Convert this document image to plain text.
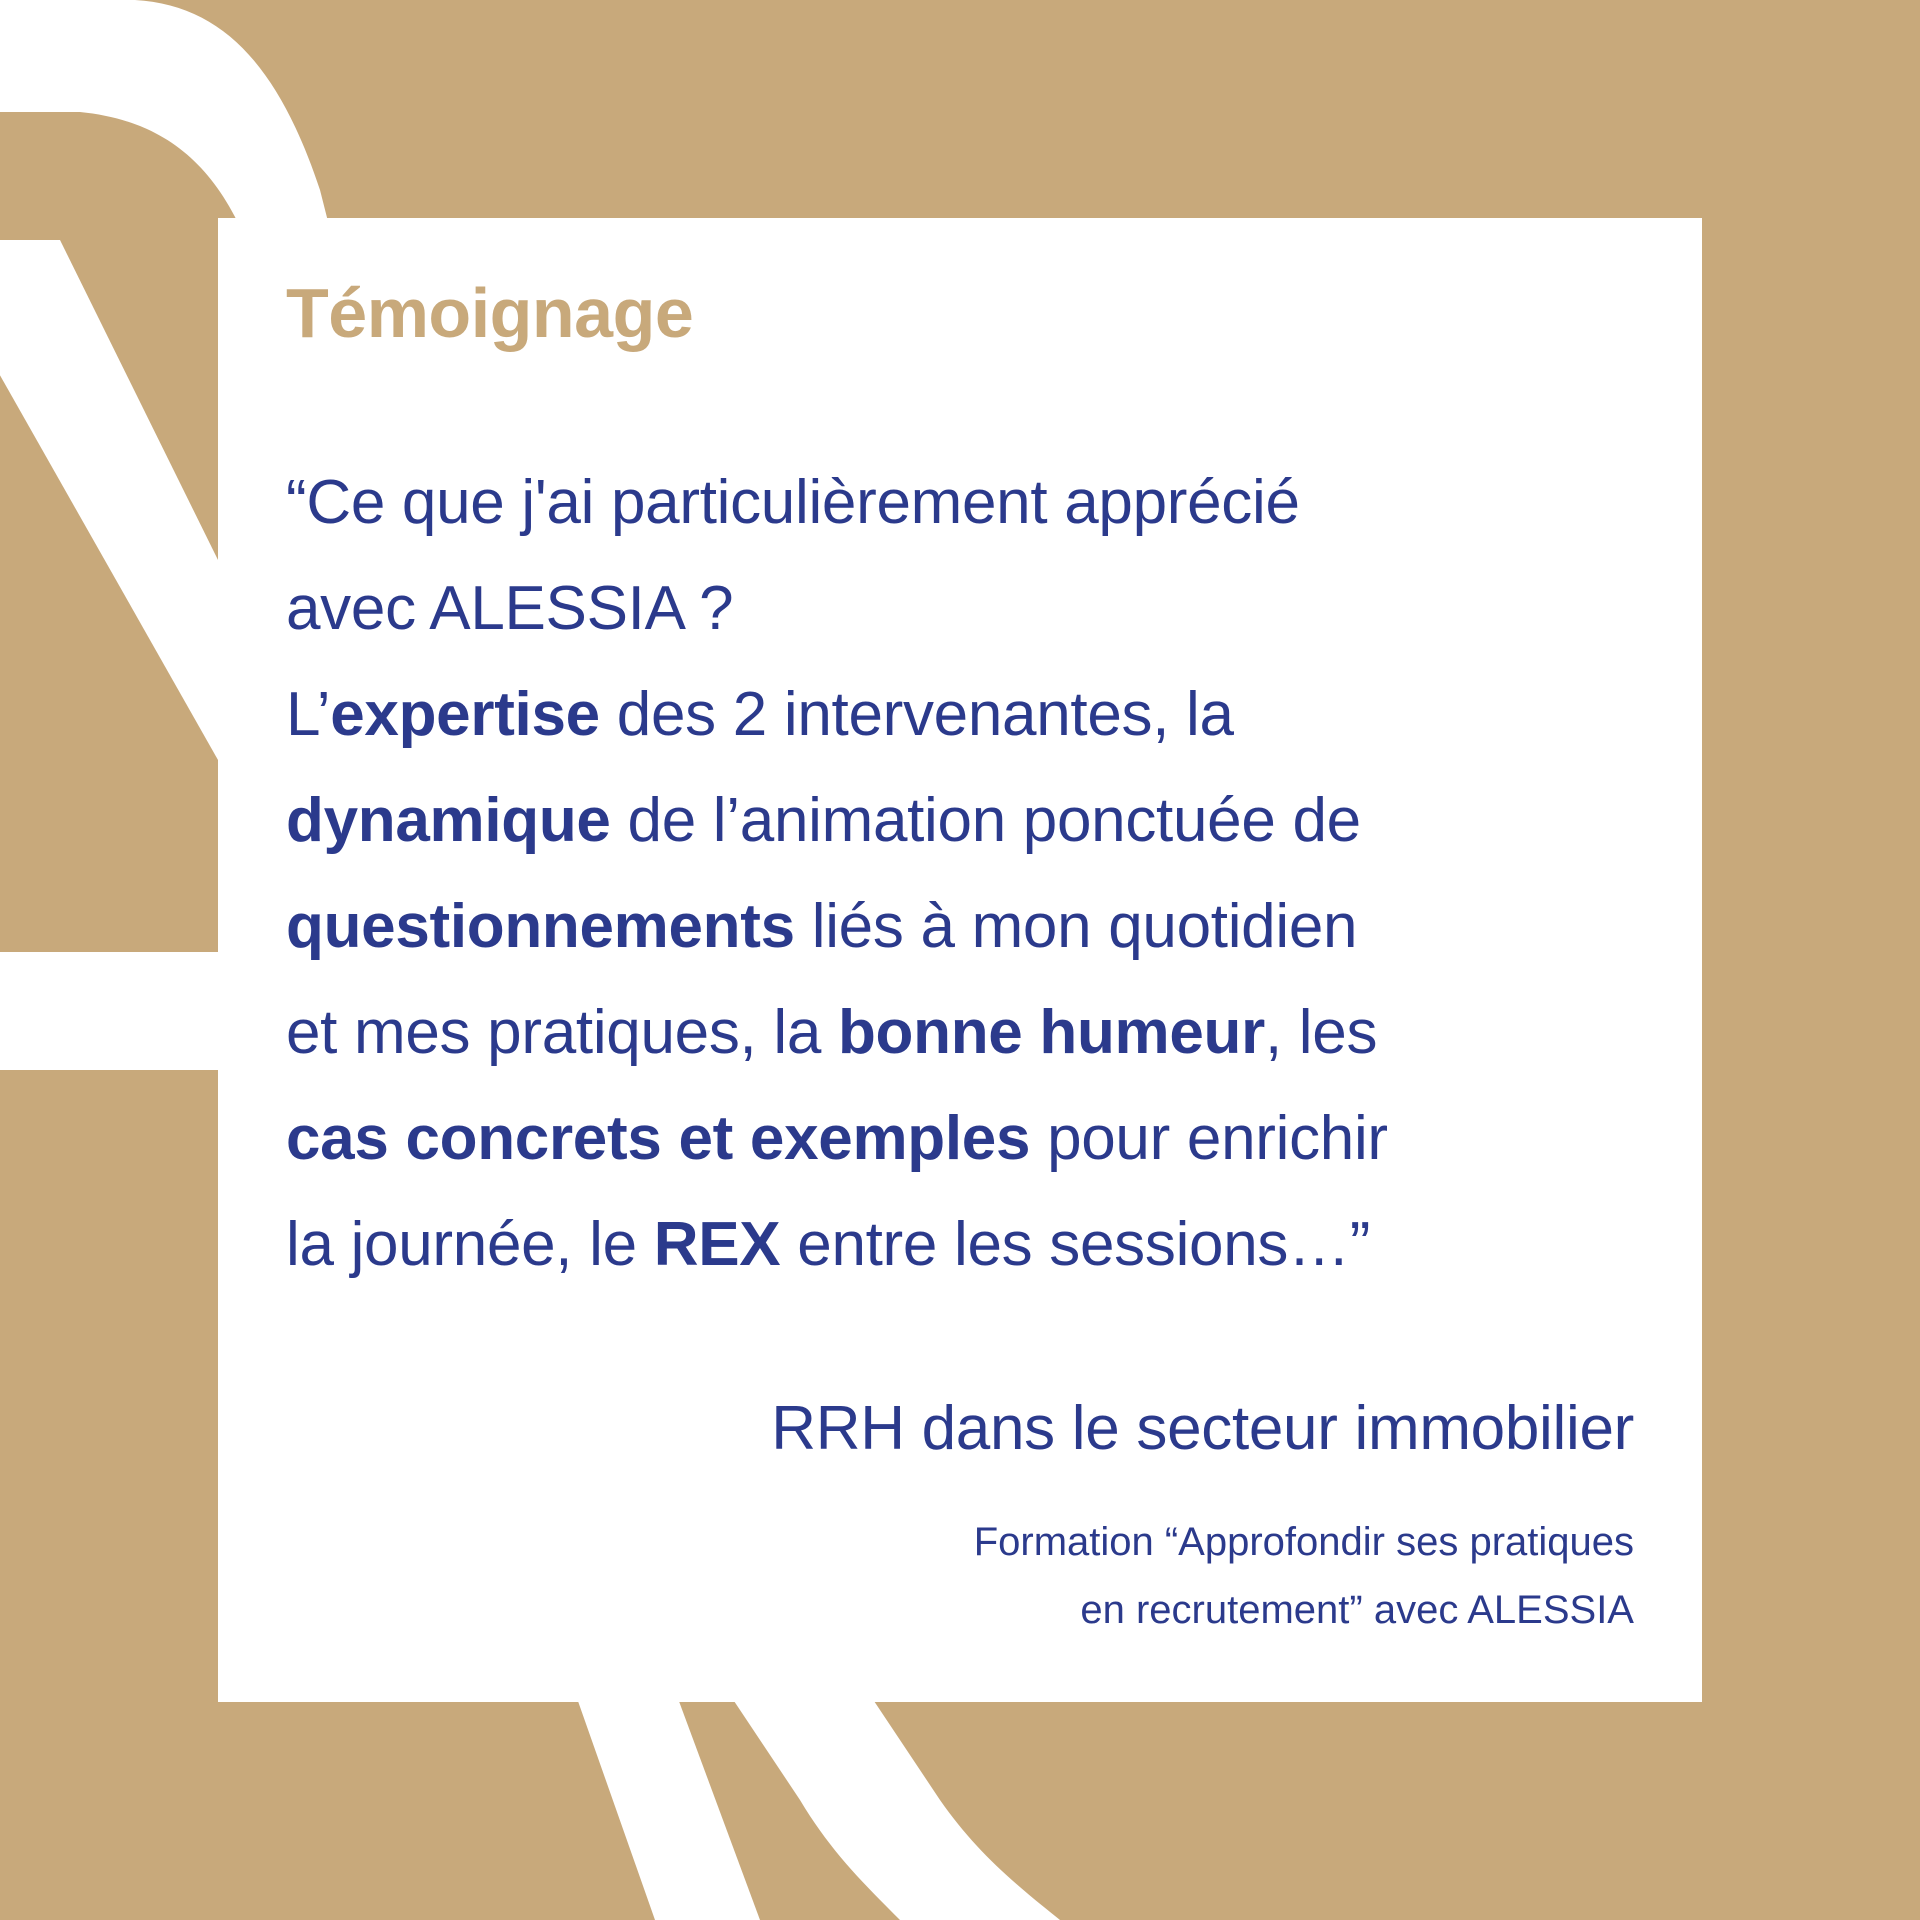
Témoignage

“Ce que j'ai particulièrement apprécié
avec ALESSIA ?
L’expertise des 2 intervenantes, la
dynamique de l’animation ponctuée de
questionnements liés à mon quotidien
et mes pratiques, la bonne humeur, les
cas concrets et exemples pour enrichir
la journée, le REX entre les sessions…”

RRH dans le secteur immobilier

Formation “Approfondir ses pratiques
en recrutement” avec ALESSIA
